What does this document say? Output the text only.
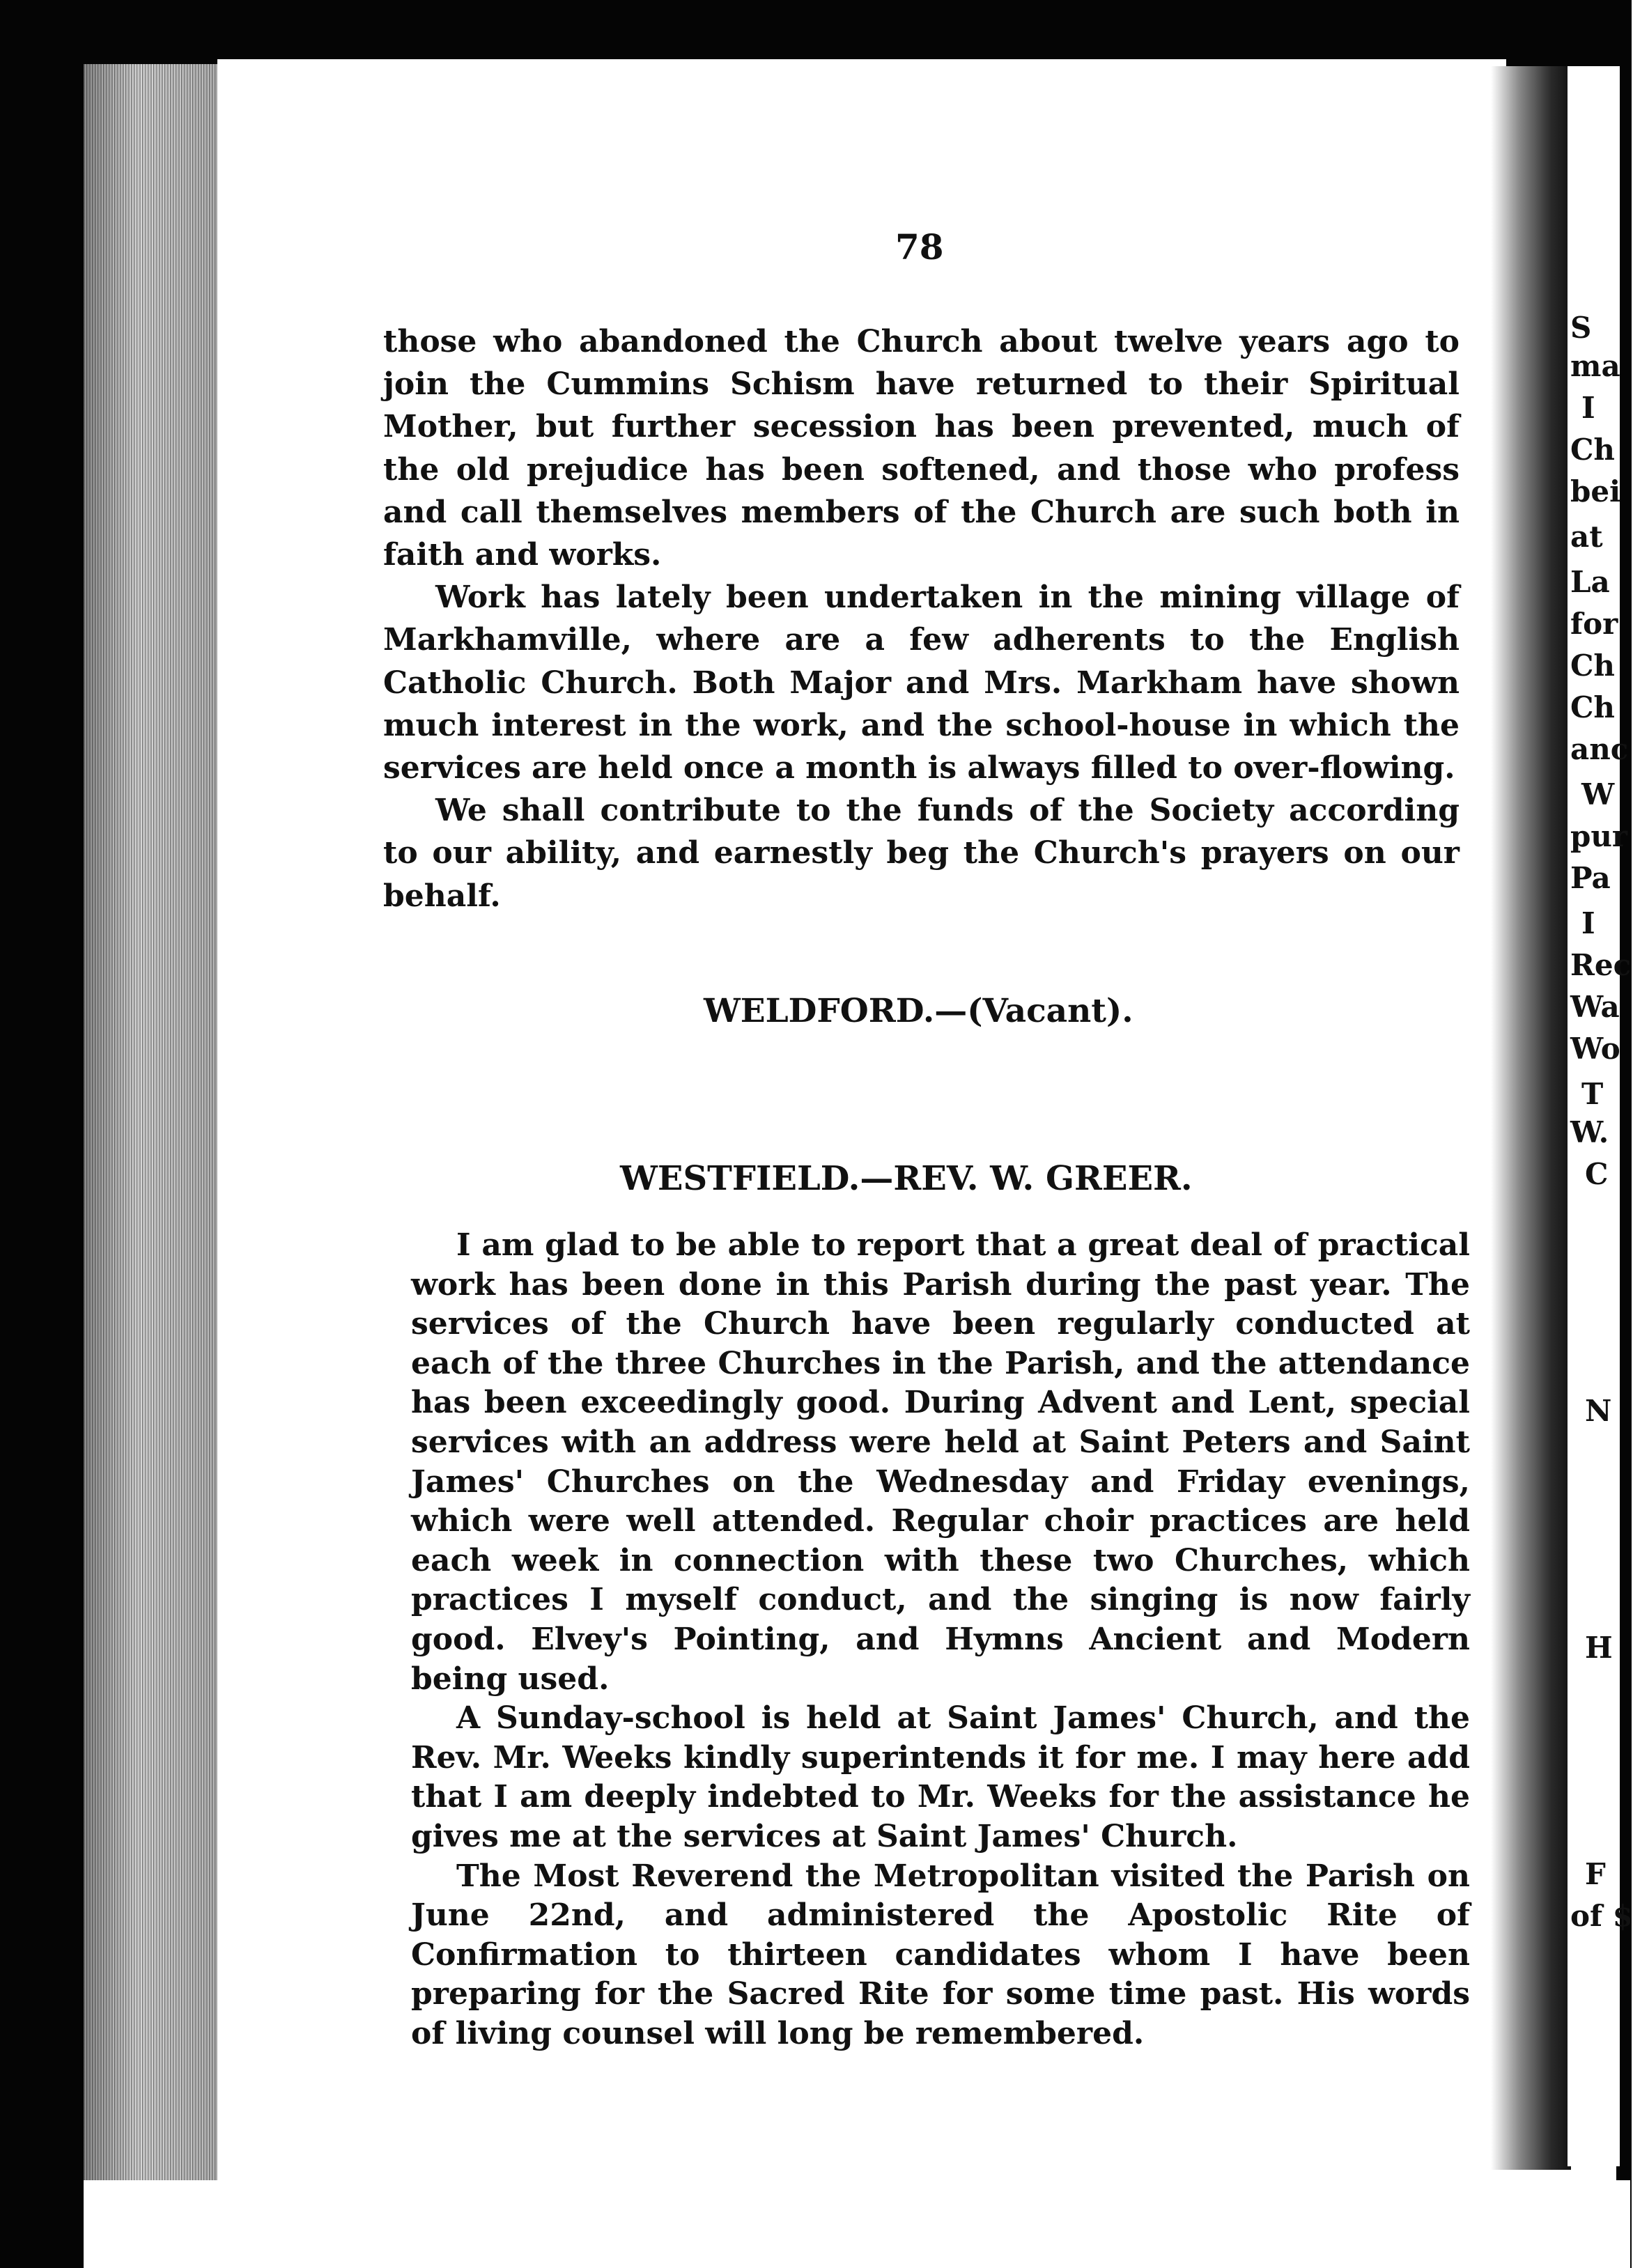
S
ma
I
Ch
bei
at
La
for
Ch
Ch
anc
W
pur
Pa
I
Rec
Wa
Wo
T
W.
C
N
H
F
of $
78

those who abandoned the Church about twelve years ago to join the Cummins Schism have returned to their Spiritual Mother, but further secession has been prevented, much of the old prejudice has been softened, and those who profess and call themselves members of the Church are such both in faith and works.

Work has lately been undertaken in the mining village of Markhamville, where are a few adherents to the English Catholic Church. Both Major and Mrs. Markham have shown much interest in the work, and the school-house in which the services are held once a month is always filled to over-flowing.

We shall contribute to the funds of the Society according to our ability, and earnestly beg the Church's prayers on our behalf.

WELDFORD.—(Vacant).
WESTFIELD.—REV. W. GREER.

I am glad to be able to report that a great deal of practical work has been done in this Parish during the past year. The services of the Church have been regularly conducted at each of the three Churches in the Parish, and the attendance has been exceedingly good. During Advent and Lent, special services with an address were held at Saint Peters and Saint James' Churches on the Wednesday and Friday evenings, which were well attended. Regular choir practices are held each week in connection with these two Churches, which practices I myself conduct, and the singing is now fairly good. Elvey's Pointing, and Hymns Ancient and Modern being used.

A Sunday-school is held at Saint James' Church, and the Rev. Mr. Weeks kindly superintends it for me. I may here add that I am deeply indebted to Mr. Weeks for the assistance he gives me at the services at Saint James' Church.

The Most Reverend the Metropolitan visited the Parish on June 22nd, and administered the Apostolic Rite of Confirmation to thirteen candidates whom I have been preparing for the Sacred Rite for some time past. His words of living counsel will long be remembered.
